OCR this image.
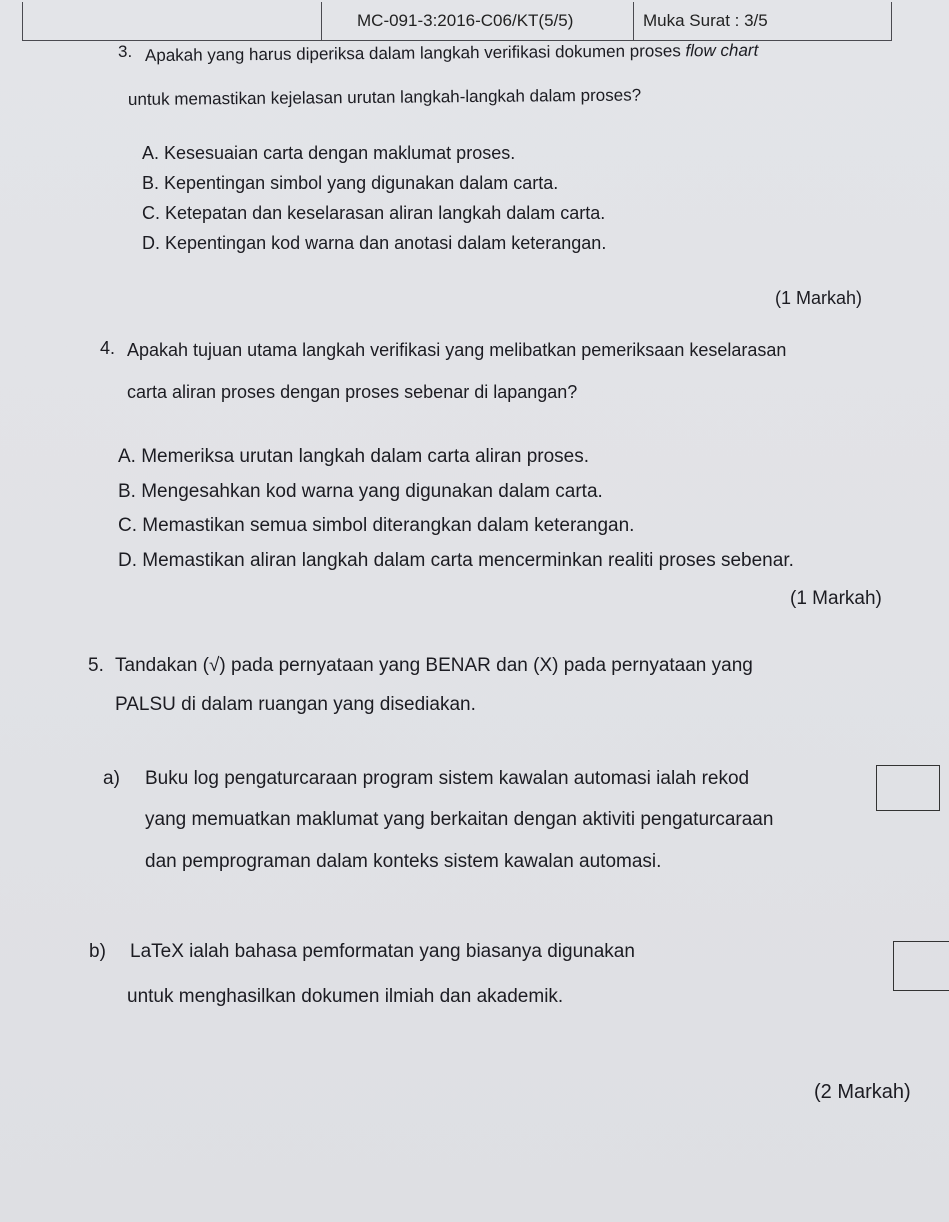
MC-091-3:2016-C06/KT(5/5)	Muka Surat : 3/5
3. Apakah yang harus diperiksa dalam langkah verifikasi dokumen proses flow chart
untuk memastikan kejelasan urutan langkah-langkah dalam proses?
A. Kesesuaian carta dengan maklumat proses.
B. Kepentingan simbol yang digunakan dalam carta.
C. Ketepatan dan keselarasan aliran langkah dalam carta.
D. Kepentingan kod warna dan anotasi dalam keterangan.
(1 Markah)
4. Apakah tujuan utama langkah verifikasi yang melibatkan pemeriksaan keselarasan
carta aliran proses dengan proses sebenar di lapangan?
A. Memeriksa urutan langkah dalam carta aliran proses.
B. Mengesahkan kod warna yang digunakan dalam carta.
C. Memastikan semua simbol diterangkan dalam keterangan.
D. Memastikan aliran langkah dalam carta mencerminkan realiti proses sebenar.
(1 Markah)
5. Tandakan (√) pada pernyataan yang BENAR dan (X) pada pernyataan yang
PALSU di dalam ruangan yang disediakan.
a) Buku log pengaturcaraan program sistem kawalan automasi ialah rekod
yang memuatkan maklumat yang berkaitan dengan aktiviti pengaturcaraan
dan pemprograman dalam konteks sistem kawalan automasi.
b) LaTeX ialah bahasa pemformatan yang biasanya digunakan
untuk menghasilkan dokumen ilmiah dan akademik.
(2 Markah)
